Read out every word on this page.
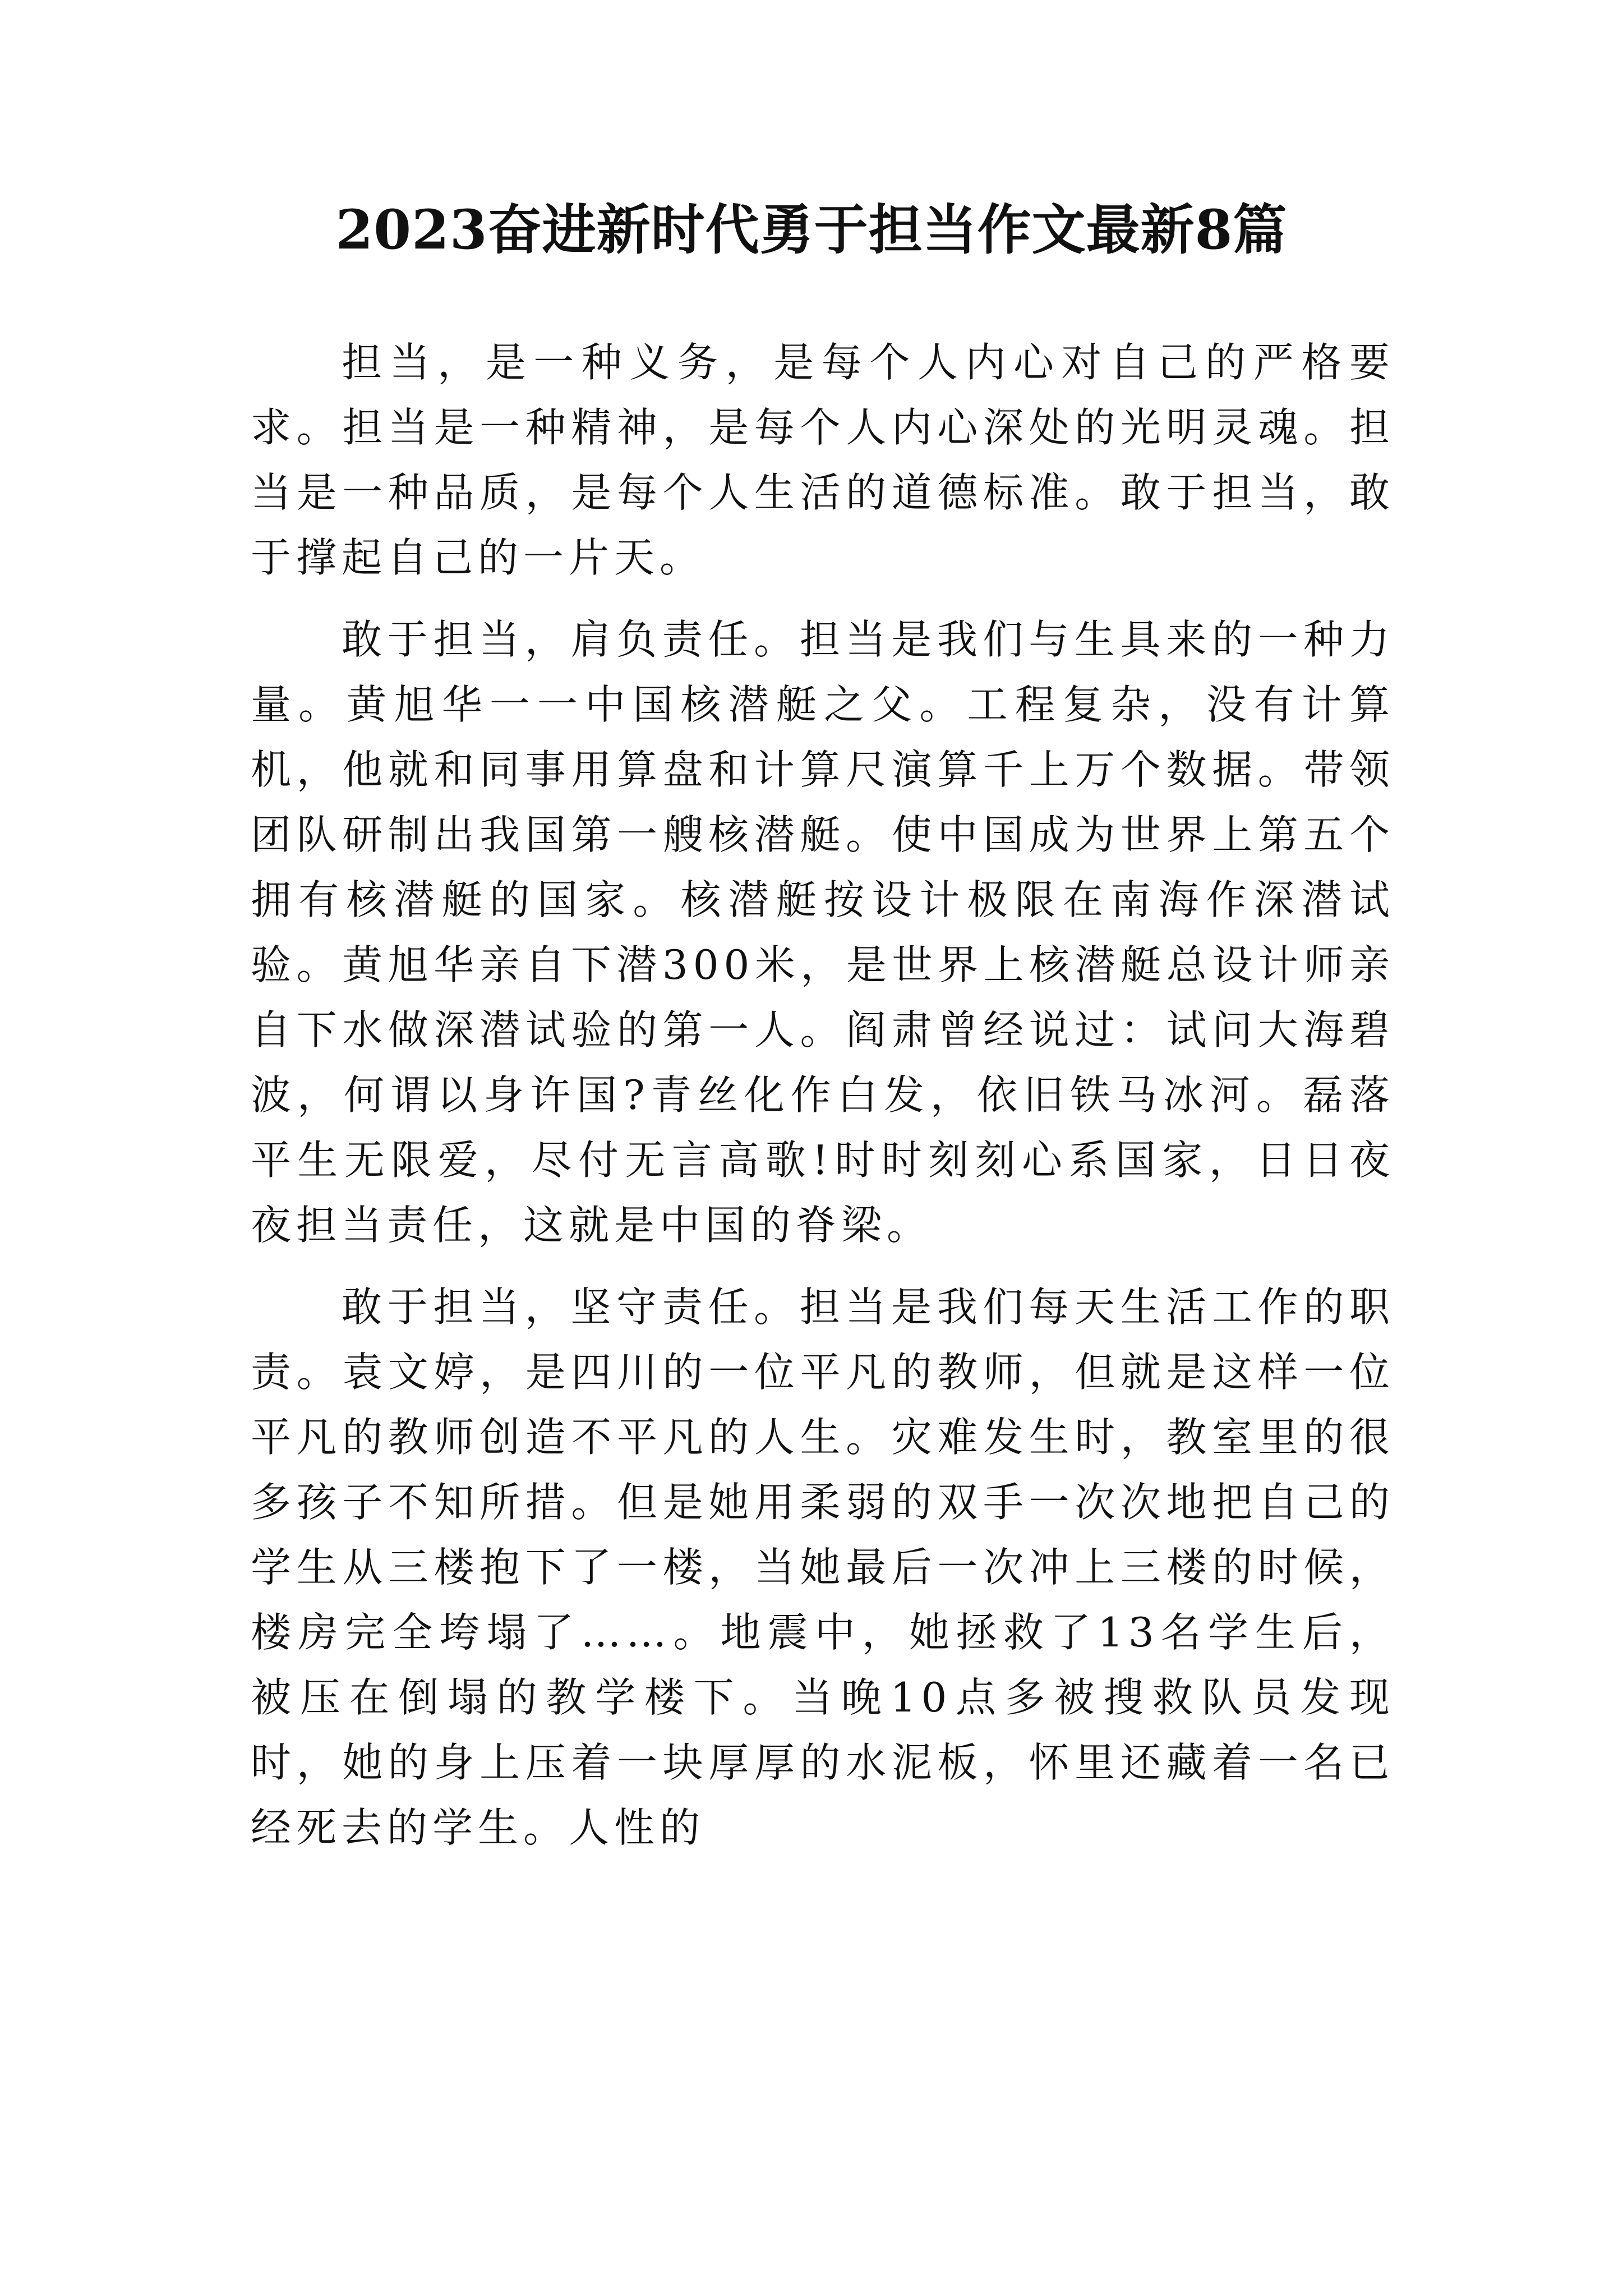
2023奋进新时代勇于担当作文最新8篇

担当，是一种义务，是每个人内心对自己的严格要求。担当是一种精神，是每个人内心深处的光明灵魂。担当是一种品质，是每个人生活的道德标准。敢于担当，敢于撑起自己的一片天。

敢于担当，肩负责任。担当是我们与生具来的一种力量。黄旭华一一中国核潜艇之父。工程复杂，没有计算机，他就和同事用算盘和计算尺演算千上万个数据。带领团队研制出我国第一艘核潜艇。使中国成为世界上第五个拥有核潜艇的国家。核潜艇按设计极限在南海作深潜试验。黄旭华亲自下潜300米，是世界上核潜艇总设计师亲自下水做深潜试验的第一人。阎肃曾经说过：试问大海碧波，何谓以身许国?青丝化作白发，依旧铁马冰河。磊落平生无限爱，尽付无言高歌!时时刻刻心系国家，日日夜夜担当责任，这就是中国的脊梁。

敢于担当，坚守责任。担当是我们每天生活工作的职责。袁文婷，是四川的一位平凡的教师，但就是这样一位平凡的教师创造不平凡的人生。灾难发生时，教室里的很多孩子不知所措。但是她用柔弱的双手一次次地把自己的学生从三楼抱下了一楼，当她最后一次冲上三楼的时候，楼房完全垮塌了……。地震中，她拯救了13名学生后，被压在倒塌的教学楼下。当晚10点多被搜救队员发现时，她的身上压着一块厚厚的水泥板，怀里还藏着一名已经死去的学生。人性的
